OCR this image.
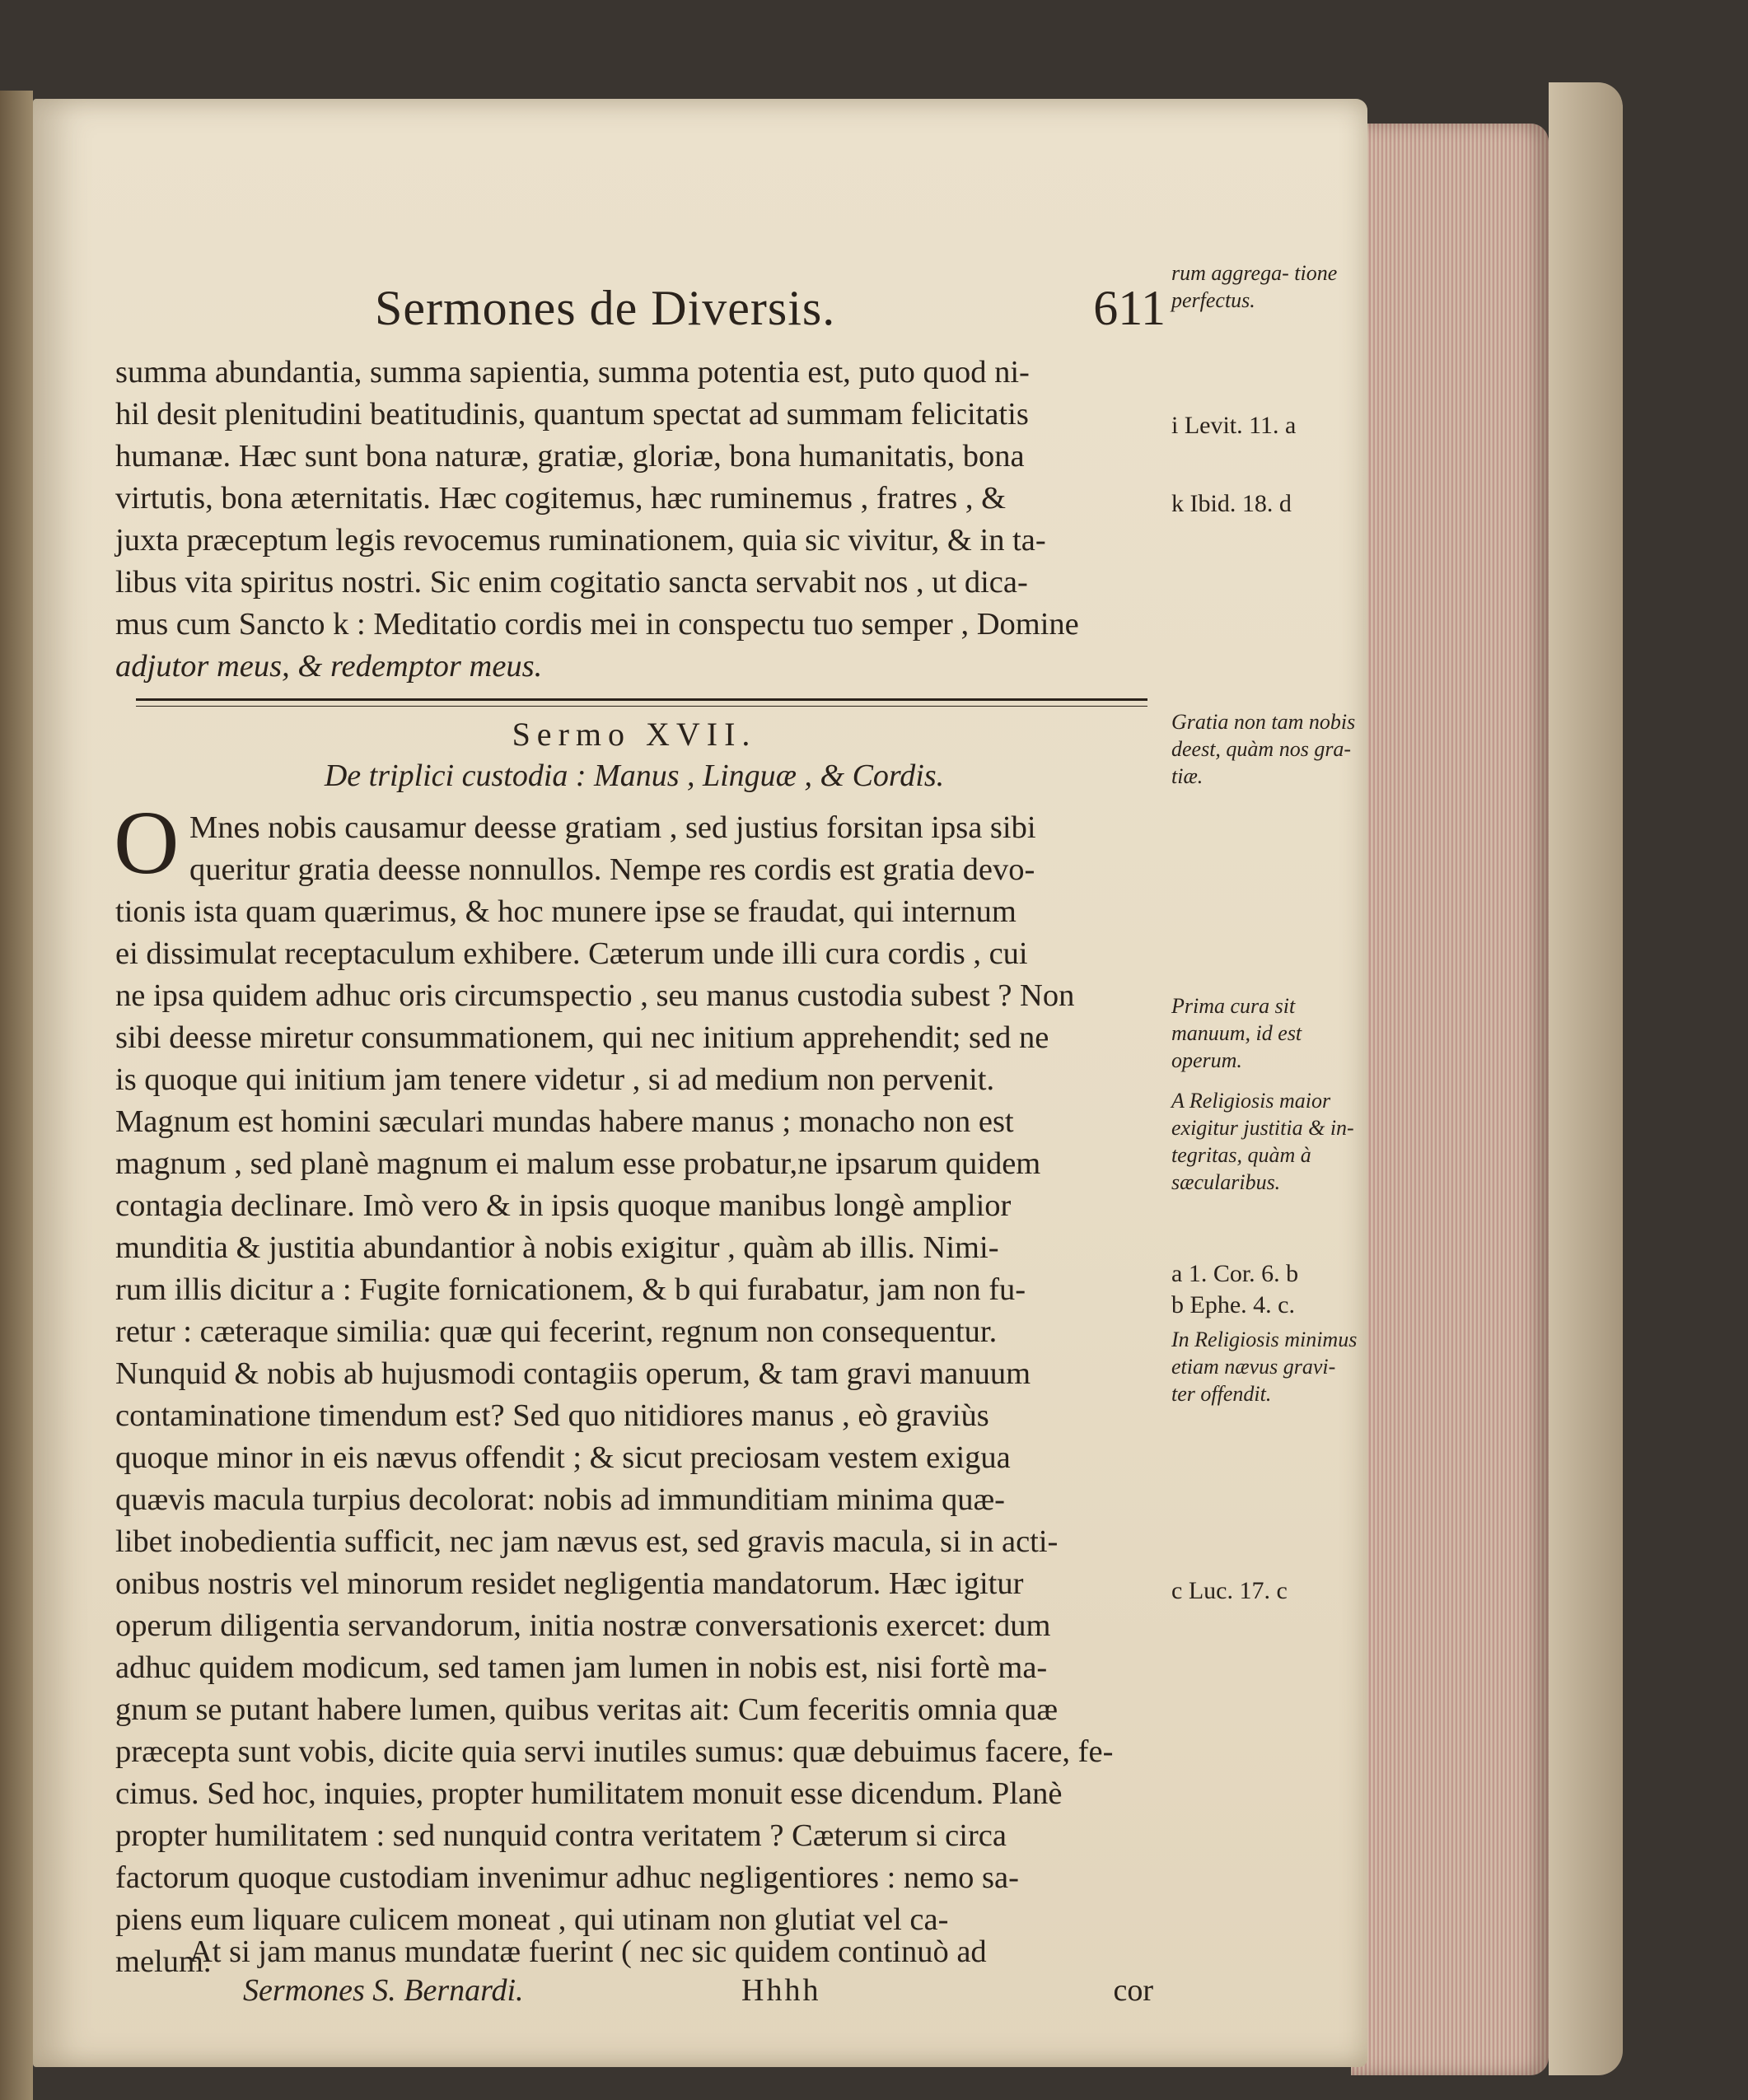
Sermones de Diversis.	611
summa abundantia, summa sapientia, summa potentia est, puto quod ni-
hil desit plenitudini beatitudinis, quantum spectat ad summam felicitatis
humanæ. Hæc sunt bona naturæ, gratiæ, gloriæ, bona humanitatis, bona
virtutis, bona æternitatis. Hæc cogitemus, hæc ruminemus , fratres , &
juxta præceptum legis revocemus ruminationem, quia sic vivitur, & in ta-
libus vita spiritus nostri. Sic enim cogitatio sancta servabit nos , ut dica-
mus cum Sancto k : Meditatio cordis mei in conspectu tuo semper , Domine
adjutor meus, & redemptor meus.
Sermo XVII.
De triplici custodia : Manus , Linguæ , & Cordis.
O Mnes nobis causamur deesse gratiam , sed justius forsitan ipsa sibi
queritur gratia deesse nonnullos. Nempe res cordis est gratia devo-
tionis ista quam quærimus, & hoc munere ipse se fraudat, qui internum
ei dissimulat receptaculum exhibere. Cæterum unde illi cura cordis , cui
ne ipsa quidem adhuc oris circumspectio , seu manus custodia subest ? Non
sibi deesse miretur consummationem, qui nec initium apprehendit; sed ne
is quoque qui initium jam tenere videtur , si ad medium non pervenit.
Magnum est homini sæculari mundas habere manus ; monacho non est
magnum , sed planè magnum ei malum esse probatur,ne ipsarum quidem
contagia declinare. Imò vero & in ipsis quoque manibus longè amplior
munditia & justitia abundantior à nobis exigitur , quàm ab illis. Nimi-
rum illis dicitur a : Fugite fornicationem, & b qui furabatur, jam non fu-
retur : cæteraque similia: quæ qui fecerint, regnum non consequentur.
Nunquid & nobis ab hujusmodi contagiis operum, & tam gravi manuum
contaminatione timendum est? Sed quo nitidiores manus , eò graviùs
quoque minor in eis nævus offendit ; & sicut preciosam vestem exigua
quævis macula turpius decolorat: nobis ad immunditiam minima quæ-
libet inobedientia sufficit, nec jam nævus est, sed gravis macula, si in acti-
onibus nostris vel minorum residet negligentia mandatorum. Hæc igitur
operum diligentia servandorum, initia nostræ conversationis exercet: dum
adhuc quidem modicum, sed tamen jam lumen in nobis est, nisi fortè ma-
gnum se putant habere lumen, quibus veritas ait: Cum feceritis omnia quæ
præcepta sunt vobis, dicite quia servi inutiles sumus: quæ debuimus facere, fe-
cimus. Sed hoc, inquies, propter humilitatem monuit esse dicendum. Planè
propter humilitatem : sed nunquid contra veritatem ? Cæterum si circa
factorum quoque custodiam invenimur adhuc negligentiores : nemo sa-
piens eum liquare culicem moneat , qui utinam non glutiat vel ca-
melum.
At si jam manus mundatæ fuerint ( nec sic quidem continuò ad
Sermones S. Bernardi.	Hhhh	cor
rum aggrega- tione perfectus.
i Levit. 11. a
k Ibid. 18. d
Gratia non tam nobis deest, quàm nos gra- tiæ.
Prima cura sit manuum, id est operum.
A Religiosis maior exigitur justitia & in- tegritas, quàm à sæcularibus.
a 1. Cor. 6. b
b Ephe. 4. c.
In Religiosis minimus etiam nævus gravi- ter offendit.
c Luc. 17. c
